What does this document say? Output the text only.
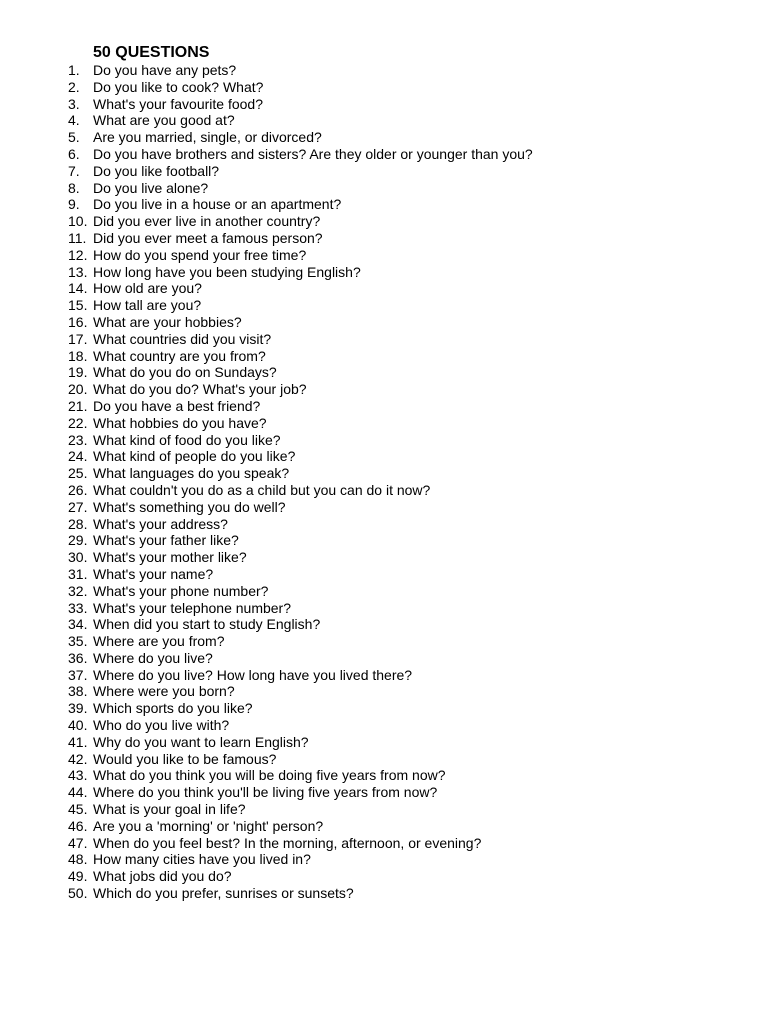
50 QUESTIONS
1. Do you have any pets?
2. Do you like to cook? What?
3. What's your favourite food?
4. What are you good at?
5. Are you married, single, or divorced?
6. Do you have brothers and sisters? Are they older or younger than you?
7. Do you like football?
8. Do you live alone?
9. Do you live in a house or an apartment?
10. Did you ever live in another country?
11. Did you ever meet a famous person?
12. How do you spend your free time?
13. How long have you been studying English?
14. How old are you?
15. How tall are you?
16. What are your hobbies?
17. What countries did you visit?
18. What country are you from?
19. What do you do on Sundays?
20. What do you do? What's your job?
21. Do you have a best friend?
22. What hobbies do you have?
23. What kind of food do you like?
24. What kind of people do you like?
25. What languages do you speak?
26. What couldn't you do as a child but you can do it now?
27. What's something you do well?
28. What's your address?
29. What's your father like?
30. What's your mother like?
31. What's your name?
32. What's your phone number?
33. What's your telephone number?
34. When did you start to study English?
35. Where are you from?
36. Where do you live?
37. Where do you live? How long have you lived there?
38. Where were you born?
39. Which sports do you like?
40. Who do you live with?
41. Why do you want to learn English?
42. Would you like to be famous?
43. What do you think you will be doing five years from now?
44. Where do you think you'll be living five years from now?
45. What is your goal in life?
46. Are you a 'morning' or 'night' person?
47. When do you feel best? In the morning, afternoon, or evening?
48. How many cities have you lived in?
49. What jobs did you do?
50. Which do you prefer, sunrises or sunsets?
